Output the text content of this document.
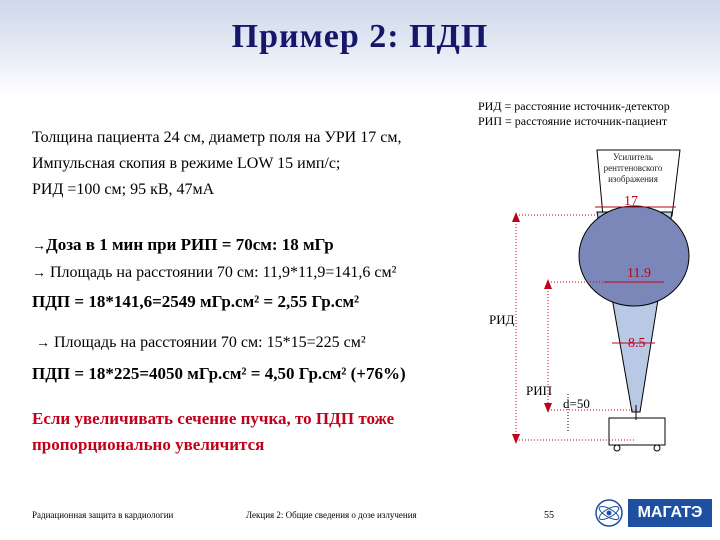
Пример 2: ПДП
РИД = расстояние источник-детектор
РИП = расстояние источник-пациент
Толщина пациента 24 см, диаметр поля на УРИ 17 см,
Импульсная скопия в режиме LOW 15 имп/с;
РИД =100 см; 95 кВ, 47мА
→Доза в 1 мин при РИП = 70см: 18 мГр
→ Площадь на расстоянии 70 см: 11,9*11,9=141,6 см²
ПДП = 18*141,6=2549 мГр.см² = 2,55 Гр.см²
→ Площадь на расстоянии 70 см: 15*15=225 см²
ПДП = 18*225=4050 мГр.см² = 4,50 Гр.см² (+76%)
Если увеличивать сечение пучка, то ПДП тоже
пропорционально увеличится
Усилитель
рентгеновского
изображения
17
11.9
8.5
РИД
РИП
d=50
Радиационная защита в кардиологии	Лекция 2: Общие сведения о дозе излучения	55	МАГАТЭ
